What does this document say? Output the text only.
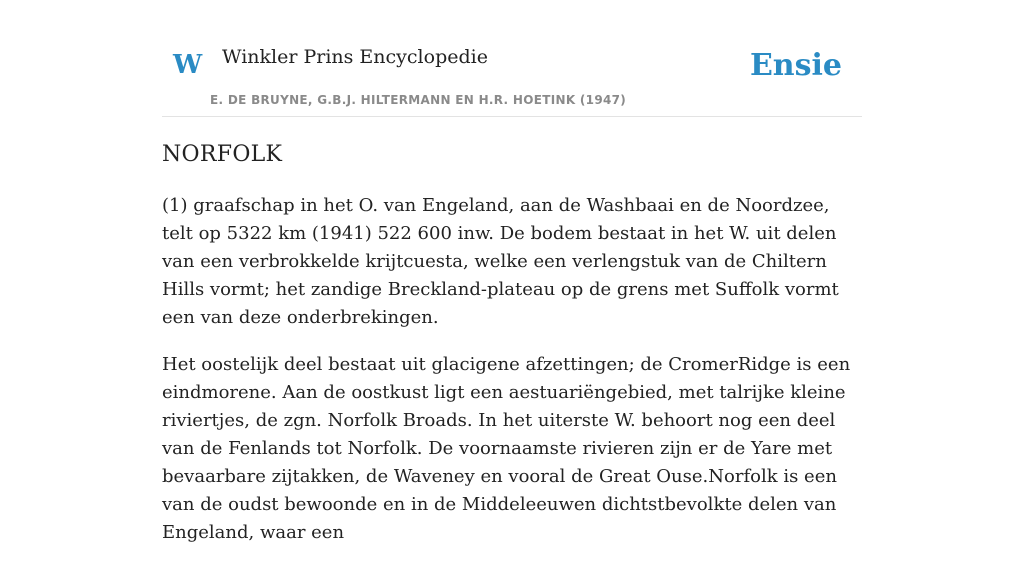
W Winkler Prins Encyclopedie
E. DE BRUYNE, G.B.J. HILTERMANN EN H.R. HOETINK (1947)
Ensie
NORFOLK

(1) graafschap in het O. van Engeland, aan de Washbaai en de Noordzee, telt op 5322 km (1941) 522 600 inw. De bodem bestaat in het W. uit delen van een verbrokkelde krijtcuesta, welke een verlengstuk van de Chiltern Hills vormt; het zandige Breckland-plateau op de grens met Suffolk vormt een van deze onderbrekingen.

Het oostelijk deel bestaat uit glacigene afzettingen; de CromerRidge is een eindmorene. Aan de oostkust ligt een aestuariëngebied, met talrijke kleine riviertjes, de zgn. Norfolk Broads. In het uiterste W. behoort nog een deel van de Fenlands tot Norfolk. De voornaamste rivieren zijn er de Yare met bevaarbare zijtakken, de Waveney en vooral de Great Ouse.Norfolk is een van de oudst bewoonde en in de Middeleeuwen dichtstbevolkte delen van Engeland, waar een
